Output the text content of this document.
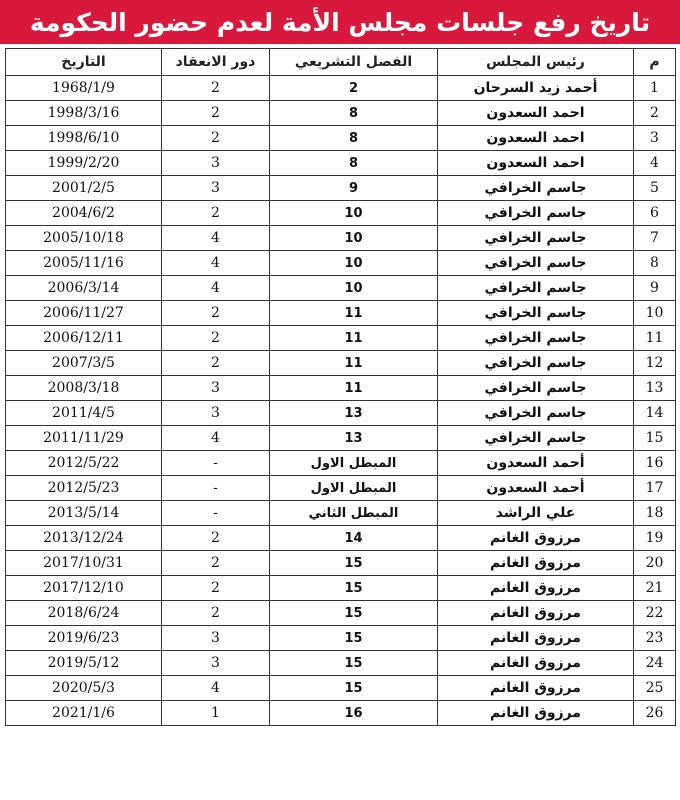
تاريخ رفع جلسات مجلس الأمة لعدم حضور الحكومة
م	رئيس المجلس	الفصل التشريعي	دور الانعقاد	التاريخ
1	أحمد زيد السرحان	2	2	1968/1/9
2	احمد السعدون	8	2	1998/3/16
3	احمد السعدون	8	2	1998/6/10
4	احمد السعدون	8	3	1999/2/20
5	جاسم الخرافي	9	3	2001/2/5
6	جاسم الخرافي	10	2	2004/6/2
7	جاسم الخرافي	10	4	2005/10/18
8	جاسم الخرافي	10	4	2005/11/16
9	جاسم الخرافي	10	4	2006/3/14
10	جاسم الخرافي	11	2	2006/11/27
11	جاسم الخرافي	11	2	2006/12/11
12	جاسم الخرافي	11	2	2007/3/5
13	جاسم الخرافي	11	3	2008/3/18
14	جاسم الخرافي	13	3	2011/4/5
15	جاسم الخرافي	13	4	2011/11/29
16	أحمد السعدون	المبطل الاول	-	2012/5/22
17	أحمد السعدون	المبطل الاول	-	2012/5/23
18	علي الراشد	المبطل الثاني	-	2013/5/14
19	مرزوق الغانم	14	2	2013/12/24
20	مرزوق الغانم	15	2	2017/10/31
21	مرزوق الغانم	15	2	2017/12/10
22	مرزوق الغانم	15	2	2018/6/24
23	مرزوق الغانم	15	3	2019/6/23
24	مرزوق الغانم	15	3	2019/5/12
25	مرزوق الغانم	15	4	2020/5/3
26	مرزوق الغانم	16	1	2021/1/6
